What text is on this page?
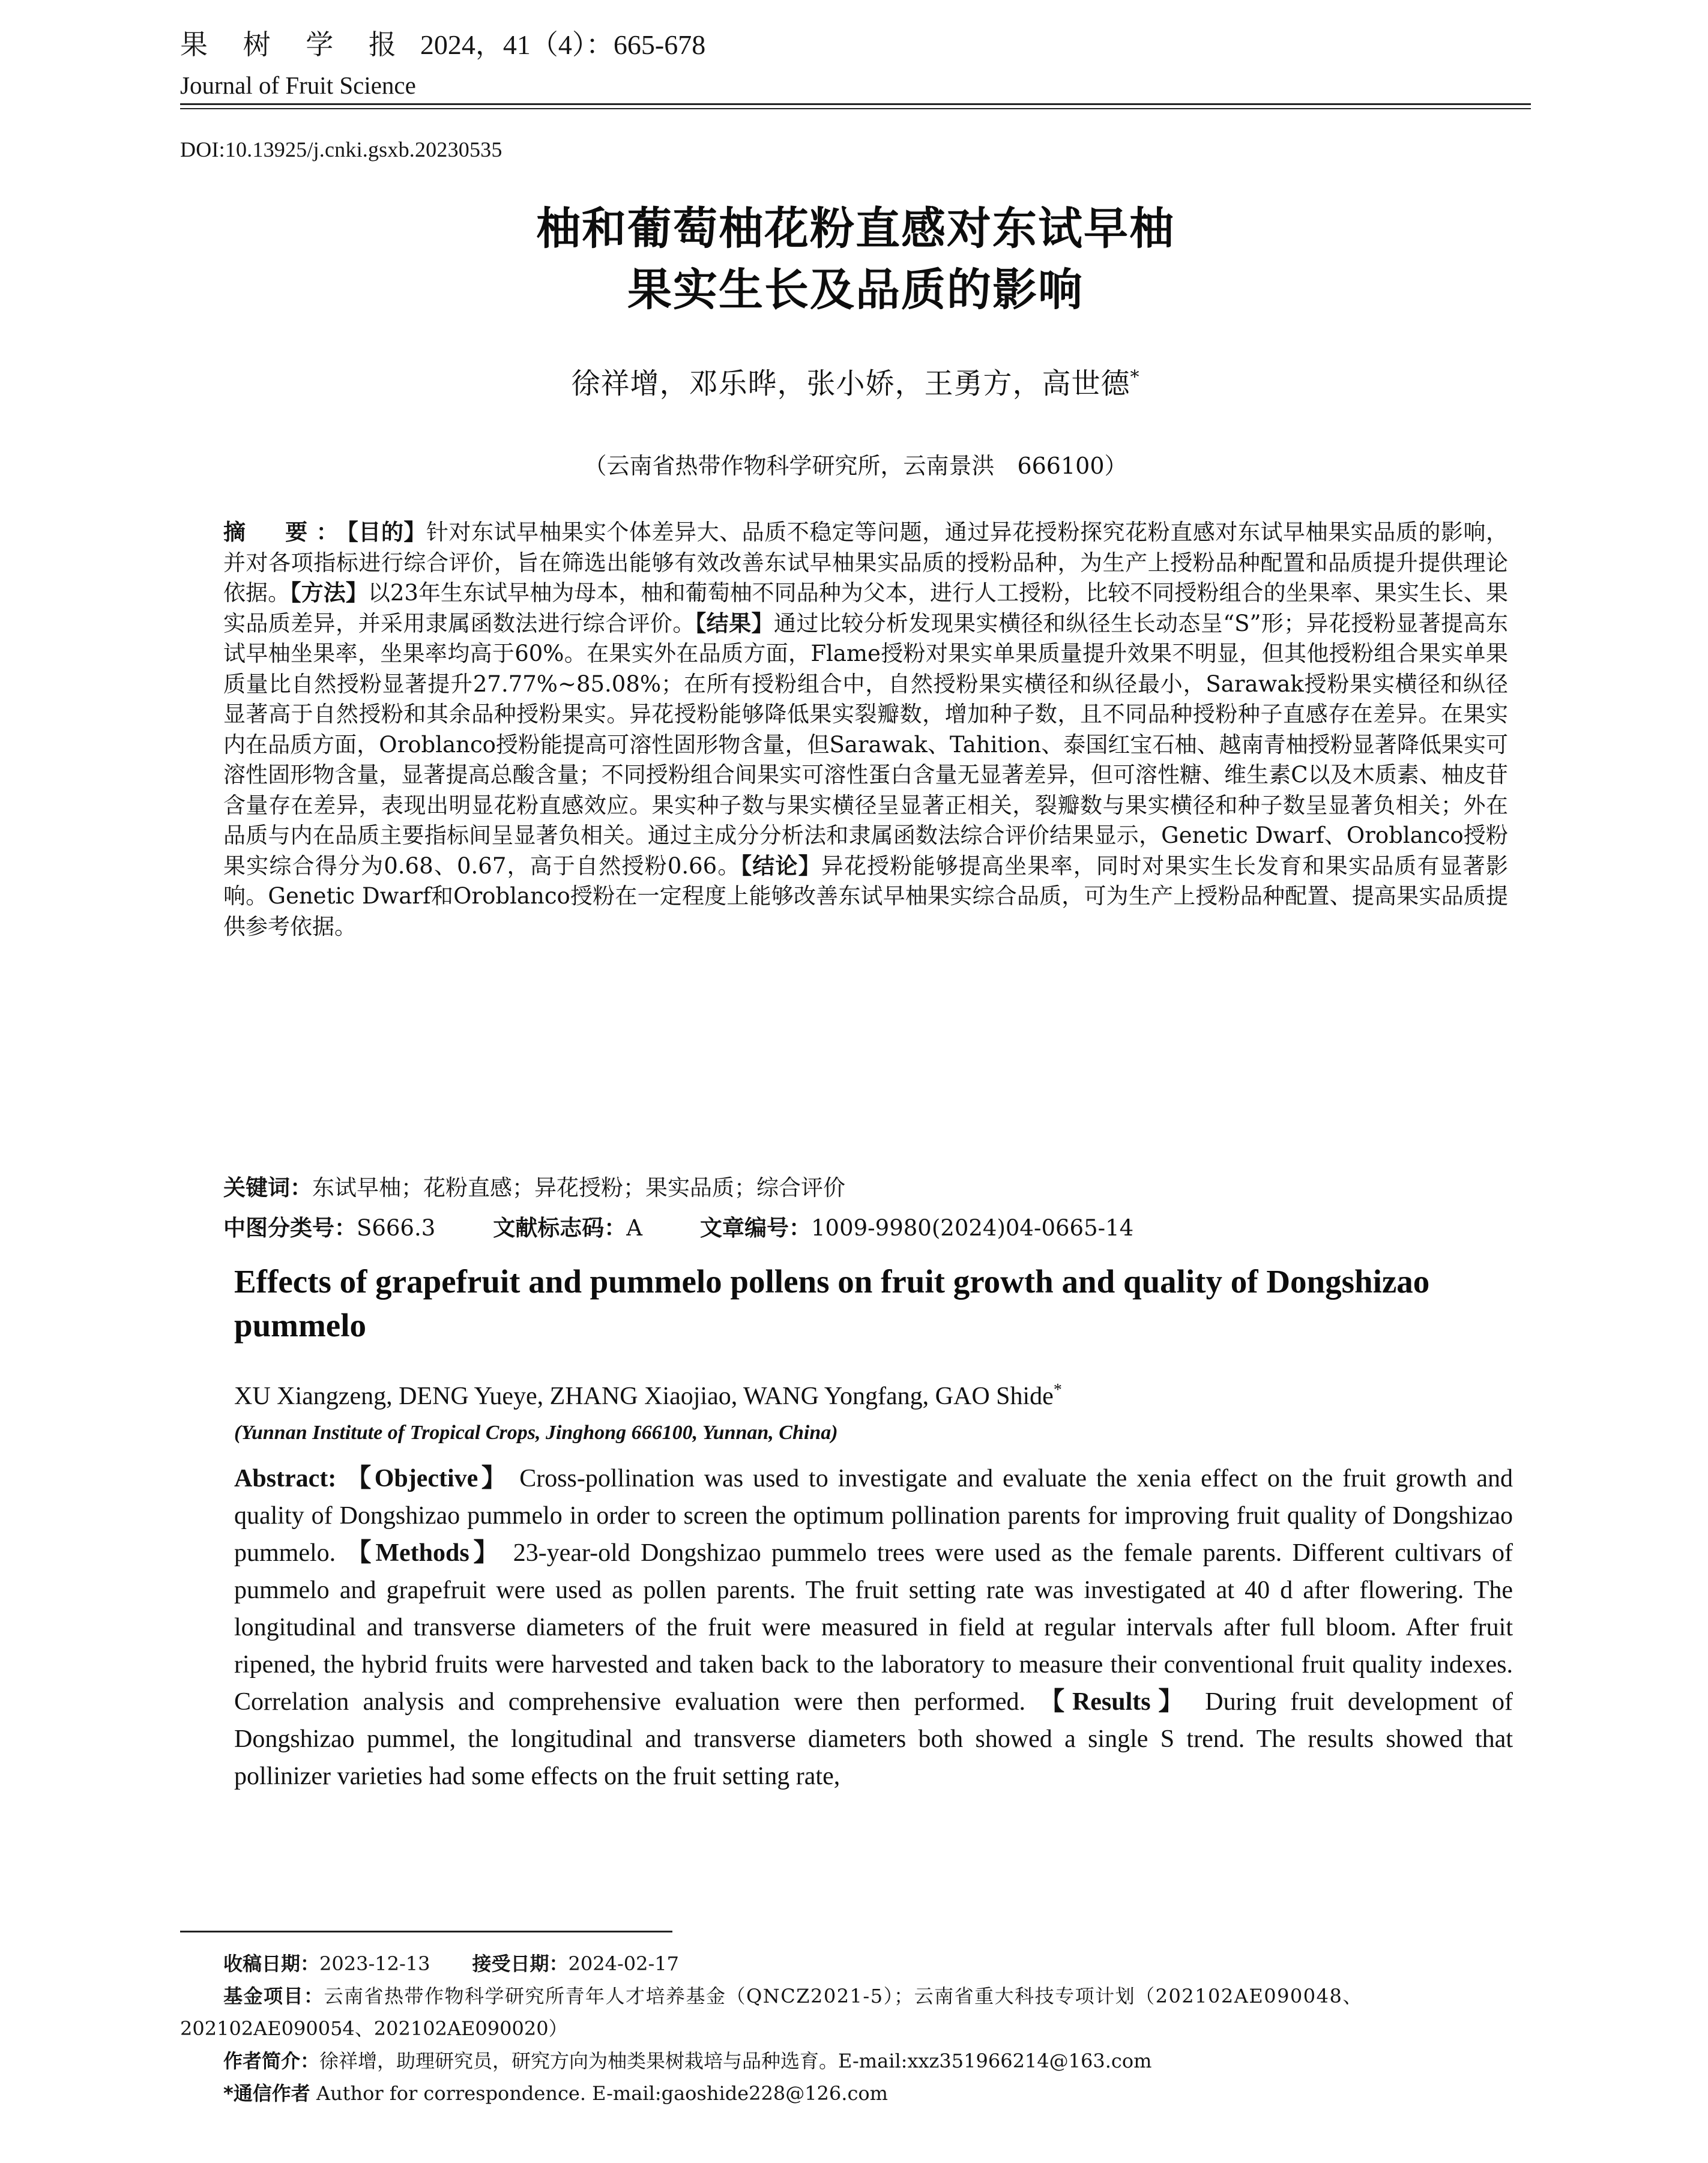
果 树 学 报 2024，41（4）：665-678
Journal of Fruit Science
DOI:10.13925/j.cnki.gsxb.20230535
柚和葡萄柚花粉直感对东试早柚
果实生长及品质的影响
徐祥增，邓乐晔，张小娇，王勇方，高世德*
（云南省热带作物科学研究所，云南景洪　666100）
摘　要：【目的】针对东试早柚果实个体差异大、品质不稳定等问题，通过异花授粉探究花粉直感对东试早柚果实品质的影响，并对各项指标进行综合评价，旨在筛选出能够有效改善东试早柚果实品质的授粉品种，为生产上授粉品种配置和品质提升提供理论依据。【方法】以23年生东试早柚为母本，柚和葡萄柚不同品种为父本，进行人工授粉，比较不同授粉组合的坐果率、果实生长、果实品质差异，并采用隶属函数法进行综合评价。【结果】通过比较分析发现果实横径和纵径生长动态呈“S”形；异花授粉显著提高东试早柚坐果率，坐果率均高于60%。在果实外在品质方面，Flame授粉对果实单果质量提升效果不明显，但其他授粉组合果实单果质量比自然授粉显著提升27.77%~85.08%；在所有授粉组合中，自然授粉果实横径和纵径最小，Sarawak授粉果实横径和纵径显著高于自然授粉和其余品种授粉果实。异花授粉能够降低果实裂瓣数，增加种子数，且不同品种授粉种子直感存在差异。在果实内在品质方面，Oroblanco授粉能提高可溶性固形物含量，但Sarawak、Tahition、泰国红宝石柚、越南青柚授粉显著降低果实可溶性固形物含量，显著提高总酸含量；不同授粉组合间果实可溶性蛋白含量无显著差异，但可溶性糖、维生素C以及木质素、柚皮苷含量存在差异，表现出明显花粉直感效应。果实种子数与果实横径呈显著正相关，裂瓣数与果实横径和种子数呈显著负相关；外在品质与内在品质主要指标间呈显著负相关。通过主成分分析法和隶属函数法综合评价结果显示，Genetic Dwarf、Oroblanco授粉果实综合得分为0.68、0.67，高于自然授粉0.66。【结论】异花授粉能够提高坐果率，同时对果实生长发育和果实品质有显著影响。Genetic Dwarf和Oroblanco授粉在一定程度上能够改善东试早柚果实综合品质，可为生产上授粉品种配置、提高果实品质提供参考依据。
关键词：东试早柚；花粉直感；异花授粉；果实品质；综合评价
中图分类号：S666.3	文献标志码：A	文章编号：1009-9980(2024)04-0665-14
Effects of grapefruit and pummelo pollens on fruit growth and quality of Dongshizao pummelo
XU Xiangzeng, DENG Yueye, ZHANG Xiaojiao, WANG Yongfang, GAO Shide*
(Yunnan Institute of Tropical Crops, Jinghong 666100, Yunnan, China)
Abstract: 【Objective】 Cross-pollination was used to investigate and evaluate the xenia effect on the fruit growth and quality of Dongshizao pummelo in order to screen the optimum pollination parents for improving fruit quality of Dongshizao pummelo. 【Methods】 23-year-old Dongshizao pummelo trees were used as the female parents. Different cultivars of pummelo and grapefruit were used as pollen parents. The fruit setting rate was investigated at 40 d after flowering. The longitudinal and transverse diameters of the fruit were measured in field at regular intervals after full bloom. After fruit ripened, the hybrid fruits were harvested and taken back to the laboratory to measure their conventional fruit quality indexes. Correlation analysis and comprehensive evaluation were then performed. 【Results】 During fruit development of Dongshizao pummel, the longitudinal and transverse diameters both showed a single S trend. The results showed that pollinizer varieties had some effects on the fruit setting rate,
收稿日期：2023-12-13 接受日期：2024-02-17
基金项目：云南省热带作物科学研究所青年人才培养基金（QNCZ2021-5）；云南省重大科技专项计划（202102AE090048、
202102AE090054、202102AE090020）
作者简介：徐祥增，助理研究员，研究方向为柚类果树栽培与品种选育。E-mail:xxz351966214@163.com
*通信作者 Author for correspondence. E-mail:gaoshide228@126.com
